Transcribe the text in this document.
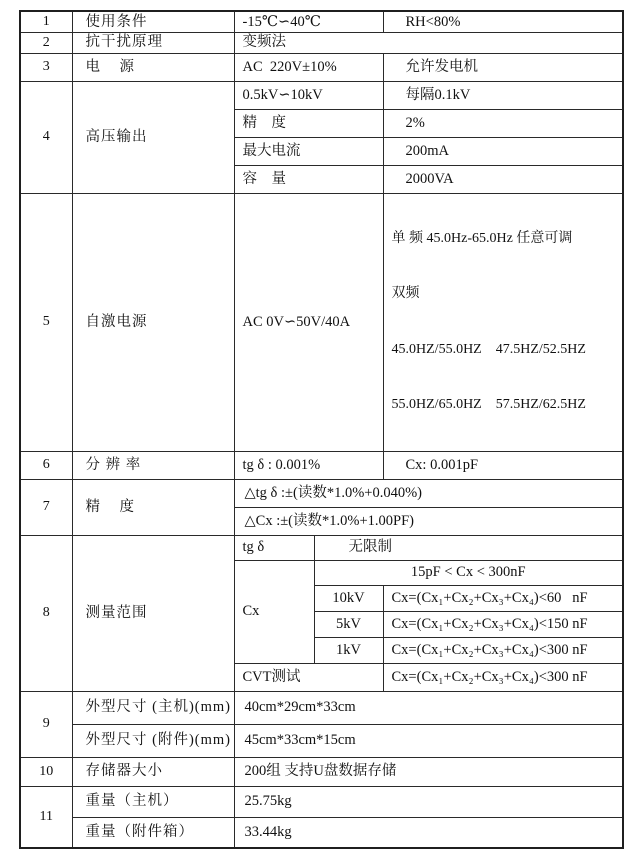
1	使用条件	-15℃∽40℃		RH<80%
2	抗干扰原理	变频法		
3	电    源	AC  220V±10%		允许发电机
4	高压输出	0.5kV∽10kV		每隔0.1kV
		精    度		2%
		最大电流		200mA
		容    量		2000VA
5	自激电源	AC 0V∽50V/40A		单 频 45.0Hz-65.0Hz 任意可调

双频

45.0HZ/55.0HZ    47.5HZ/52.5HZ

55.0HZ/65.0HZ    57.5HZ/62.5HZ

6	分 辨 率	tg δ : 0.001%		Cx: 0.001pF
7	精    度	△tg δ :±(读数*1.0%+0.040%)		
		△Cx :±(读数*1.0%+1.00PF)		
8	测量范围	tg δ	无限制	
		Cx	15pF < Cx < 300nF	
			10kV	Cx=(Cx₁+Cx₂+Cx₃+Cx₄)<60   nF
			5kV	Cx=(Cx₁+Cx₂+Cx₃+Cx₄)<150 nF
			1kV	Cx=(Cx₁+Cx₂+Cx₃+Cx₄)<300 nF
		CVT测试		Cx=(Cx₁+Cx₂+Cx₃+Cx₄)<300 nF
9	外型尺寸 (主机)(mm)	40cm*29cm*33cm		
	外型尺寸 (附件)(mm)	45cm*33cm*15cm		
10	存储器大小	200组 支持U盘数据存储		
11	重量（主机）	25.75kg		
	重量（附件箱）	33.44kg		
